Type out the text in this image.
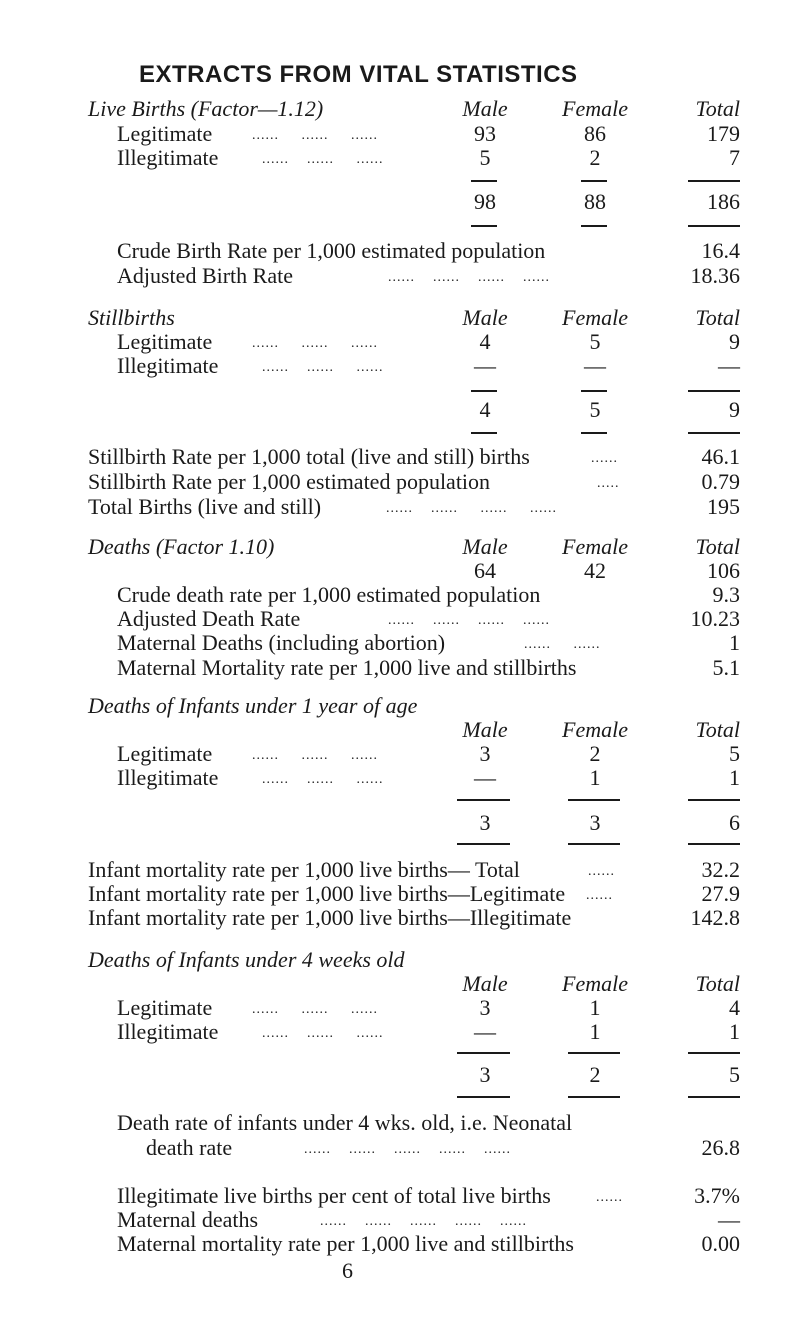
EXTRACTS FROM VITAL STATISTICS
Live Births (Factor—1.12)	Male	Female	Total
Legitimate	......     ......     ......	93	86	179
Illegitimate	......    ......     ......	5	2	7
98	88	186
Crude Birth Rate per 1,000 estimated population	16.4
Adjusted Birth Rate	......    ......    ......    ......	18.36
Stillbirths	Male	Female	Total
Legitimate	......     ......     ......	4	5	9
Illegitimate	......    ......     ......	—	—	—
4	5	9
Stillbirth Rate per 1,000 total (live and still) births	......	46.1
Stillbirth Rate per 1,000 estimated population	.....	0.79
Total Births (live and still)	......    ......     ......     ......	195
Deaths (Factor 1.10)	Male	Female	Total
64	42	106
Crude death rate per 1,000 estimated population	9.3
Adjusted Death Rate	......    ......    ......    ......	10.23
Maternal Deaths (including abortion)	......     ......	1
Maternal Mortality rate per 1,000 live and stillbirths	5.1
Deaths of Infants under 1 year of age
Male	Female	Total
Legitimate	......     ......     ......	3	2	5
Illegitimate	......    ......     ......	—	1	1
3	3	6
Infant mortality rate per 1,000 live births— Total	......	32.2
Infant mortality rate per 1,000 live births—Legitimate ......	27.9
Infant mortality rate per 1,000 live births—Illegitimate	142.8
Deaths of Infants under 4 weeks old
Male	Female	Total
Legitimate	......     ......     ......	3	1	4
Illegitimate	......    ......     ......	—	1	1
3	2	5
Death rate of infants under 4 wks. old, i.e. Neonatal
death rate	......    ......    ......    ......    ......	26.8
Illegitimate live births per cent of total live births	......	3.7%
Maternal deaths	......    ......    ......    ......    ......	—
Maternal mortality rate per 1,000 live and stillbirths	0.00
6
